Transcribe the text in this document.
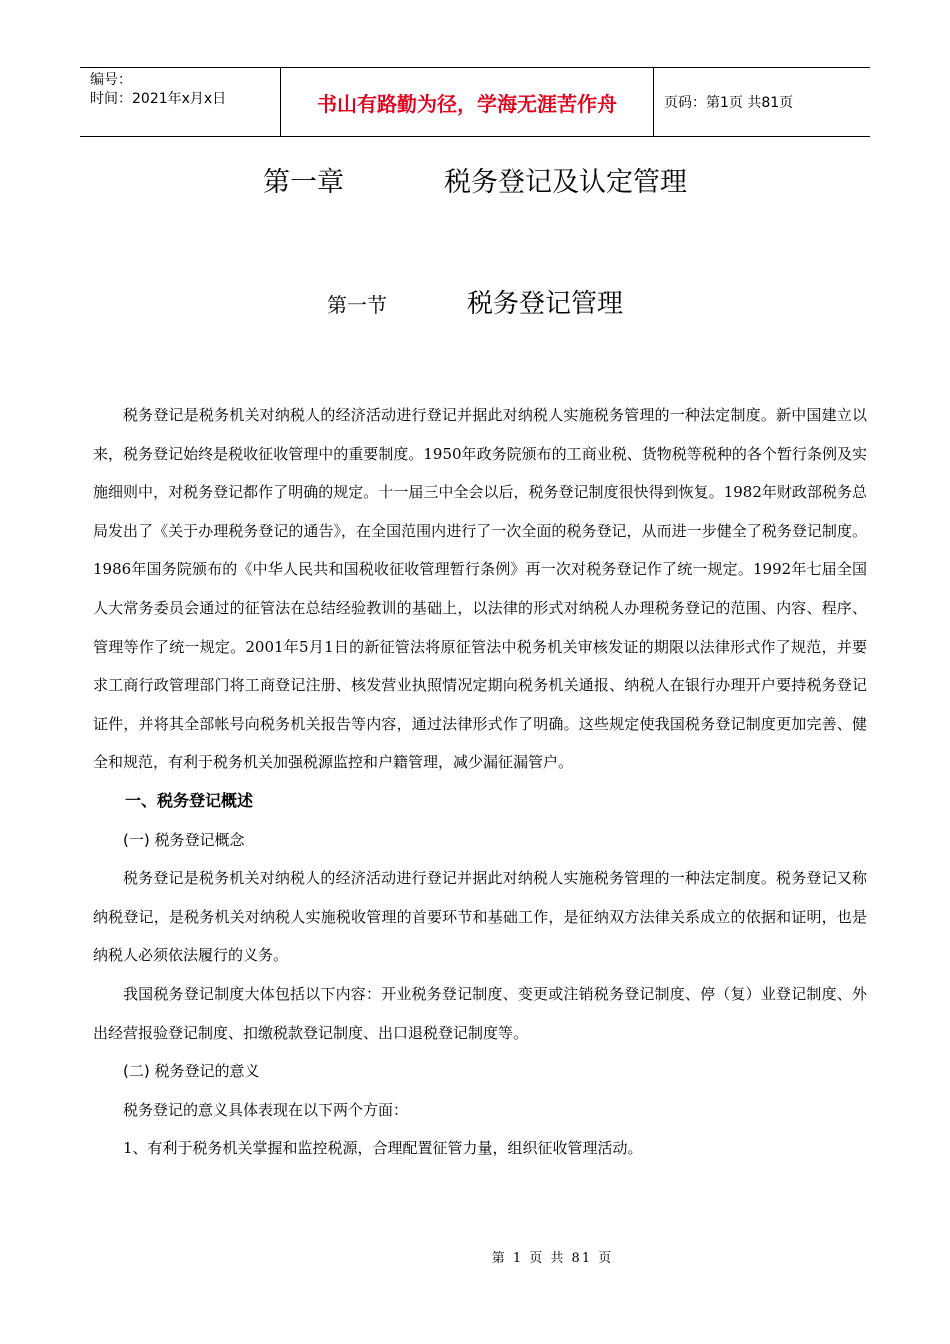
编号：
时间：2021年x月x日	书山有路勤为径，学海无涯苦作舟	页码：第1页 共81页
第一章	税务登记及认定管理
第一节	税务登记管理

税务登记是税务机关对纳税人的经济活动进行登记并据此对纳税人实施税务管理的一种法定制度。新中国建立以来，税务登记始终是税收征收管理中的重要制度。1950年政务院颁布的工商业税、货物税等税种的各个暂行条例及实施细则中，对税务登记都作了明确的规定。十一届三中全会以后，税务登记制度很快得到恢复。1982年财政部税务总局发出了《关于办理税务登记的通告》，在全国范围内进行了一次全面的税务登记，从而进一步健全了税务登记制度。1986年国务院颁布的《中华人民共和国税收征收管理暂行条例》再一次对税务登记作了统一规定。1992年七届全国人大常务委员会通过的征管法在总结经验教训的基础上，以法律的形式对纳税人办理税务登记的范围、内容、程序、管理等作了统一规定。2001年5月1日的新征管法将原征管法中税务机关审核发证的期限以法律形式作了规范，并要求工商行政管理部门将工商登记注册、核发营业执照情况定期向税务机关通报、纳税人在银行办理开户要持税务登记证件，并将其全部帐号向税务机关报告等内容，通过法律形式作了明确。这些规定使我国税务登记制度更加完善、健全和规范，有利于税务机关加强税源监控和户籍管理，减少漏征漏管户。

一、税务登记概述

(一) 税务登记概念

税务登记是税务机关对纳税人的经济活动进行登记并据此对纳税人实施税务管理的一种法定制度。税务登记又称纳税登记，是税务机关对纳税人实施税收管理的首要环节和基础工作，是征纳双方法律关系成立的依据和证明，也是纳税人必须依法履行的义务。

我国税务登记制度大体包括以下内容：开业税务登记制度、变更或注销税务登记制度、停（复）业登记制度、外出经营报验登记制度、扣缴税款登记制度、出口退税登记制度等。

(二) 税务登记的意义

税务登记的意义具体表现在以下两个方面：

1、有利于税务机关掌握和监控税源，合理配置征管力量，组织征收管理活动。

第 1 页 共 81 页
